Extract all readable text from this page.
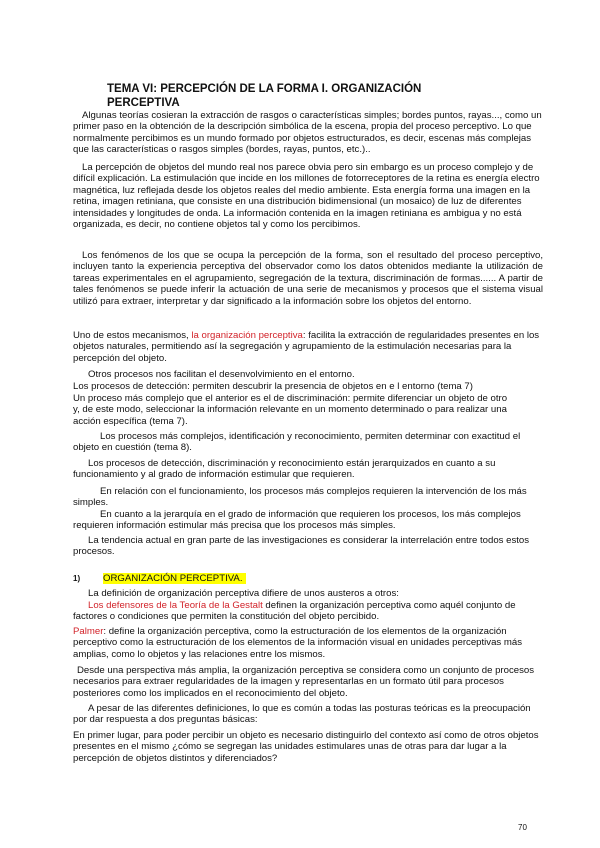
TEMA VI: PERCEPCIÓN DE LA FORMA I. ORGANIZACIÓN PERCEPTIVA
Algunas teorías cosieran la extracción de rasgos o características simples; bordes puntos, rayas..., como un primer paso en la obtención de la descripción simbólica de la escena, propia del proceso perceptivo. Lo que normalmente percibimos es un mundo formado por objetos estructurados, es decir, escenas más complejas que las características o rasgos simples (bordes, rayas, puntos, etc.)..
La percepción de objetos del mundo real nos parece obvia pero sin embargo es un proceso complejo y de difícil explicación. La estimulación que incide en los millones de fotorreceptores de la retina es energía electro magnética, luz reflejada desde los objetos reales del medio ambiente. Esta energía forma una imagen en la retina, imagen retiniana, que consiste en una distribución bidimensional (un mosaico) de luz de diferentes intensidades y longitudes de onda. La información contenida en la imagen retiniana es ambigua y no está organizada, es decir, no contiene objetos tal y como los percibimos.
Los fenómenos de los que se ocupa la percepción de la forma, son el resultado del proceso perceptivo, incluyen tanto la experiencia perceptiva del observador como los datos obtenidos mediante la utilización de tareas experimentales en el agrupamiento, segregación de la textura, discriminación de formas...... A partir de tales fenómenos se puede inferir la actuación de una serie de mecanismos y procesos que el sistema visual utilizó para extraer, interpretar y dar significado a la información sobre los objetos del entorno.
Uno de estos mecanismos, la organización perceptiva: facilita la extracción de regularidades presentes en los objetos naturales, permitiendo así la segregación y agrupamiento de la estimulación necesarias para la percepción del objeto.
Otros procesos nos facilitan el desenvolvimiento en el entorno.
Los procesos de detección: permiten descubrir la presencia de objetos en e l entorno (tema 7)
Un proceso más complejo que el anterior es el de discriminación: permite diferenciar un objeto de otro y, de este modo, seleccionar la información relevante en un momento determinado o para realizar una acción específica (tema 7).
Los procesos más complejos, identificación y reconocimiento, permiten determinar con exactitud el objeto en cuestión (tema 8).
Los procesos de detección, discriminación y reconocimiento están jerarquizados en cuanto a su funcionamiento y al grado de información estimular que requieren.
En relación con el funcionamiento, los procesos más complejos requieren la intervención de los más simples.
En cuanto a la jerarquía en el grado de información que requieren los procesos, los más complejos requieren información estimular más precisa que los procesos más simples.
La tendencia actual en gran parte de las investigaciones es considerar la interrelación entre todos estos procesos.
1) ORGANIZACIÓN PERCEPTIVA.
La definición de organización perceptiva difiere de unos austeros a otros:
Los defensores de la Teoría de la Gestalt definen la organización perceptiva como aquél conjunto de factores o condiciones que permiten la constitución del objeto percibido.
Palmer: define la organización perceptiva, como la estructuración de los elementos de la organización perceptivo como la estructuración de los elementos de la información visual en unidades perceptivas más amplias, como lo objetos y las relaciones entre los mismos.
Desde una perspectiva más amplia, la organización perceptiva se considera como un conjunto de procesos necesarios para extraer regularidades de la imagen y representarlas en un formato útil para procesos posteriores como los implicados en el reconocimiento del objeto.
A pesar de las diferentes definiciones, lo que es común a todas las posturas teóricas es la preocupación por dar respuesta a dos preguntas básicas:
En primer lugar, para poder percibir un objeto es necesario distinguirlo del contexto así como de otros objetos presentes en el mismo ¿cómo se segregan las unidades estimulares unas de otras para dar lugar a la percepción de objetos distintos y diferenciados?
70
